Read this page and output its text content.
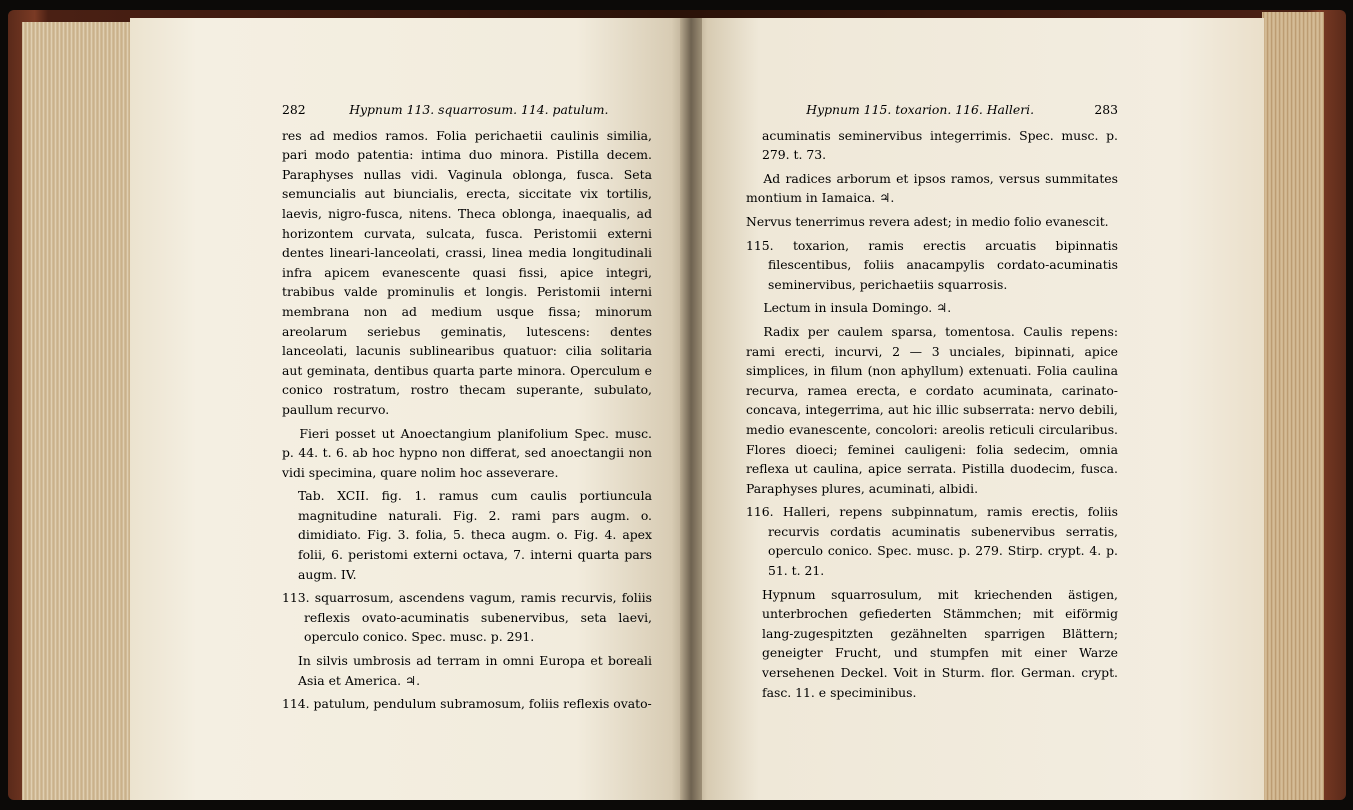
282	Hypnum 113. squarrosum. 114. patulum.

res ad medios ramos. Folia perichaetii caulinis similia, pari modo patentia: intima duo minora. Pistilla decem. Paraphyses nullas vidi. Vaginula oblonga, fusca. Seta semuncialis aut biuncialis, erecta, siccitate vix tortilis, laevis, nigro-fusca, nitens. Theca oblonga, inaequalis, ad horizontem curvata, sulcata, fusca. Peristomii externi dentes lineari-lanceolati, crassi, linea media longitudinali infra apicem evanescente quasi fissi, apice integri, trabibus valde prominulis et longis. Peristomii interni membrana non ad medium usque fissa; minorum areolarum seriebus geminatis, lutescens: dentes lanceolati, lacunis sublinearibus quatuor: cilia solitaria aut geminata, dentibus quarta parte minora. Operculum e conico rostratum, rostro thecam superante, subulato, paullum recurvo.

Fieri posset ut Anoectangium planifolium Spec. musc. p. 44. t. 6. ab hoc hypno non differat, sed anoectangii non vidi specimina, quare nolim hoc asseverare.

Tab. XCII. fig. 1. ramus cum caulis portiuncula magnitudine naturali. Fig. 2. rami pars augm. o. dimidiato. Fig. 3. folia, 5. theca augm. o. Fig. 4. apex folii, 6. peristomi externi octava, 7. interni quarta pars augm. IV.

113. squarrosum, ascendens vagum, ramis recurvis, foliis reflexis ovato-acuminatis subenervibus, seta laevi, operculo conico. Spec. musc. p. 291.

In silvis umbrosis ad terram in omni Europa et boreali Asia et America. ♃.

114. patulum, pendulum subramosum, foliis reflexis ovato-

Hypnum 115. toxarion. 116. Halleri.	283

acuminatis seminervibus integerrimis. Spec. musc. p. 279. t. 73.

Ad radices arborum et ipsos ramos, versus summitates montium in Iamaica. ♃.

Nervus tenerrimus revera adest; in medio folio evanescit.

115. toxarion, ramis erectis arcuatis bipinnatis filescentibus, foliis anacampylis cordato-acuminatis seminervibus, perichaetiis squarrosis.

Lectum in insula Domingo. ♃.

Radix per caulem sparsa, tomentosa. Caulis repens: rami erecti, incurvi, 2 — 3 unciales, bipinnati, apice simplices, in filum (non aphyllum) extenuati. Folia caulina recurva, ramea erecta, e cordato acuminata, carinato-concava, integerrima, aut hic illic subserrata: nervo debili, medio evanescente, concolori: areolis reticuli circularibus. Flores dioeci; feminei cauligeni: folia sedecim, omnia reflexa ut caulina, apice serrata. Pistilla duodecim, fusca. Paraphyses plures, acuminati, albidi.

116. Halleri, repens subpinnatum, ramis erectis, foliis recurvis cordatis acuminatis subenervibus serratis, operculo conico. Spec. musc. p. 279. Stirp. crypt. 4. p. 51. t. 21.

Hypnum squarrosulum, mit kriechenden ästigen, unterbrochen gefiederten Stämmchen; mit eiförmig lang-zugespitzten gezähnelten sparrigen Blättern; geneigter Frucht, und stumpfen mit einer Warze versehenen Deckel. Voit in Sturm. flor. German. crypt. fasc. 11. e speciminibus.
